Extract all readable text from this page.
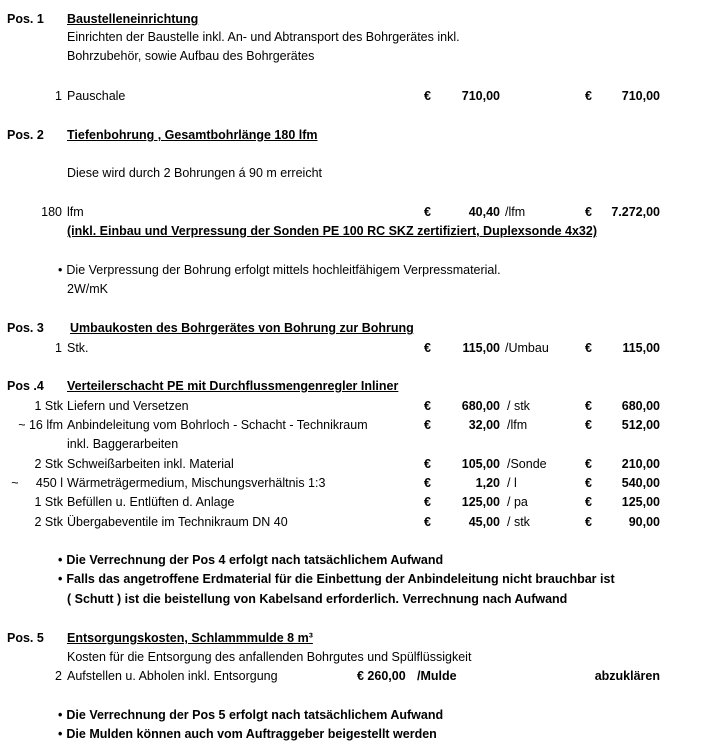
Pos. 1 Baustelleneinrichtung
Einrichten der Baustelle inkl. An- und Abtransport des Bohrgerätes inkl.
Bohrzubehör, sowie Aufbau des Bohrgerätes
1 Pauschale	€	710,00	€	710,00
Pos. 2 Tiefenbohrung , Gesamtbohrlänge 180 lfm
Diese wird durch 2 Bohrungen á 90 m erreicht
180 lfm	€	40,40 /lfm	€	7.272,00
(inkl. Einbau und Verpressung der Sonden PE 100 RC SKZ zertifiziert, Duplexsonde 4x32)
• Die Verpressung der Bohrung erfolgt mittels hochleitfähigem Verpressmaterial.
2W/mK
Pos. 3 Umbaukosten des Bohrgerätes von Bohrung zur Bohrung
1 Stk.	€	115,00 /Umbau	€	115,00
Pos .4 Verteilerschacht PE mit Durchflussmengenregler Inliner
1 Stk Liefern und Versetzen	€	680,00 / stk	€	680,00
~ 16 lfm Anbindeleitung vom Bohrloch - Schacht - Technikraum	€	32,00 /lfm	€	512,00
inkl. Baggerarbeiten
2 Stk Schweißarbeiten inkl. Material	€	105,00 /Sonde	€	210,00
~     450 l Wärmeträgermedium, Mischungsverhältnis 1:3	€	1,20 / l	€	540,00
1 Stk Befüllen u. Entlüften d. Anlage	€	125,00 / pa	€	125,00
2 Stk Übergabeventile im Technikraum DN 40	€	45,00 / stk	€	90,00
• Die Verrechnung der Pos 4 erfolgt nach tatsächlichem Aufwand
• Falls das angetroffene Erdmaterial für die Einbettung der Anbindeleitung nicht brauchbar ist
( Schutt ) ist die beistellung von Kabelsand erforderlich. Verrechnung nach Aufwand
Pos. 5 Entsorgungskosten, Schlammmulde 8 m³
Kosten für die Entsorgung des anfallenden Bohrgutes und Spülflüssigkeit
2 Aufstellen u. Abholen inkl. Entsorgung	€ 260,00 /Mulde	abzuklären
• Die Verrechnung der Pos 5 erfolgt nach tatsächlichem Aufwand
• Die Mulden können auch vom Auftraggeber beigestellt werden
